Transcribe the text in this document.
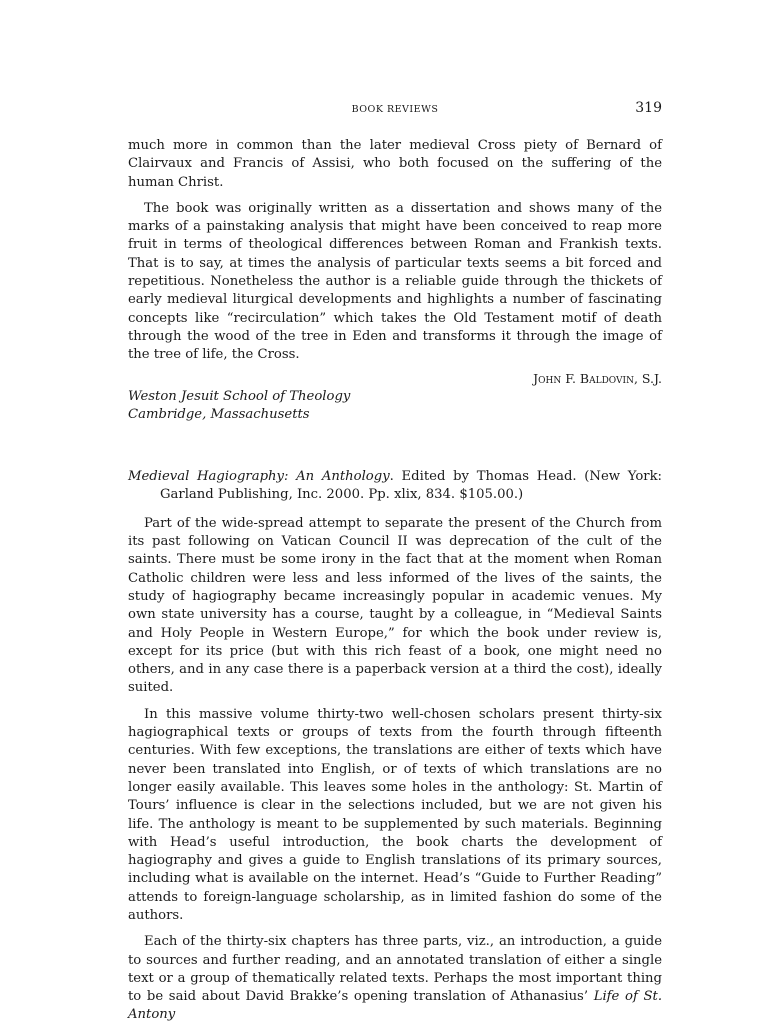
BOOK REVIEWS	319

much more in common than the later medieval Cross piety of Bernard of Clairvaux and Francis of Assisi, who both focused on the suffering of the human Christ.

The book was originally written as a dissertation and shows many of the marks of a painstaking analysis that might have been conceived to reap more fruit in terms of theological differences between Roman and Frankish texts. That is to say, at times the analysis of particular texts seems a bit forced and repetitious. Nonetheless the author is a reliable guide through the thickets of early medieval liturgical developments and highlights a number of fascinating concepts like “recirculation” which takes the Old Testament motif of death through the wood of the tree in Eden and transforms it through the image of the tree of life, the Cross.

John F. Baldovin, S.J.
Weston Jesuit School of Theology
Cambridge, Massachusetts
Medieval Hagiography: An Anthology. Edited by Thomas Head. (New York: Garland Publishing, Inc. 2000. Pp. xlix, 834. $105.00.)

Part of the wide-spread attempt to separate the present of the Church from its past following on Vatican Council II was deprecation of the cult of the saints. There must be some irony in the fact that at the moment when Roman Catholic children were less and less informed of the lives of the saints, the study of hagiography became increasingly popular in academic venues. My own state university has a course, taught by a colleague, in “Medieval Saints and Holy People in Western Europe,” for which the book under review is, except for its price (but with this rich feast of a book, one might need no others, and in any case there is a paperback version at a third the cost), ideally suited.

In this massive volume thirty-two well-chosen scholars present thirty-six hagiographical texts or groups of texts from the fourth through fifteenth centuries. With few exceptions, the translations are either of texts which have never been translated into English, or of texts of which translations are no longer easily available. This leaves some holes in the anthology: St. Martin of Tours’ influence is clear in the selections included, but we are not given his life. The anthology is meant to be supplemented by such materials. Beginning with Head’s useful introduction, the book charts the development of hagiography and gives a guide to English translations of its primary sources, including what is available on the internet. Head’s “Guide to Further Reading” attends to foreign-language scholarship, as in limited fashion do some of the authors.

Each of the thirty-six chapters has three parts, viz., an introduction, a guide to sources and further reading, and an annotated translation of either a single text or a group of thematically related texts. Perhaps the most important thing to be said about David Brakke’s opening translation of Athanasius’ Life of St. Antony
